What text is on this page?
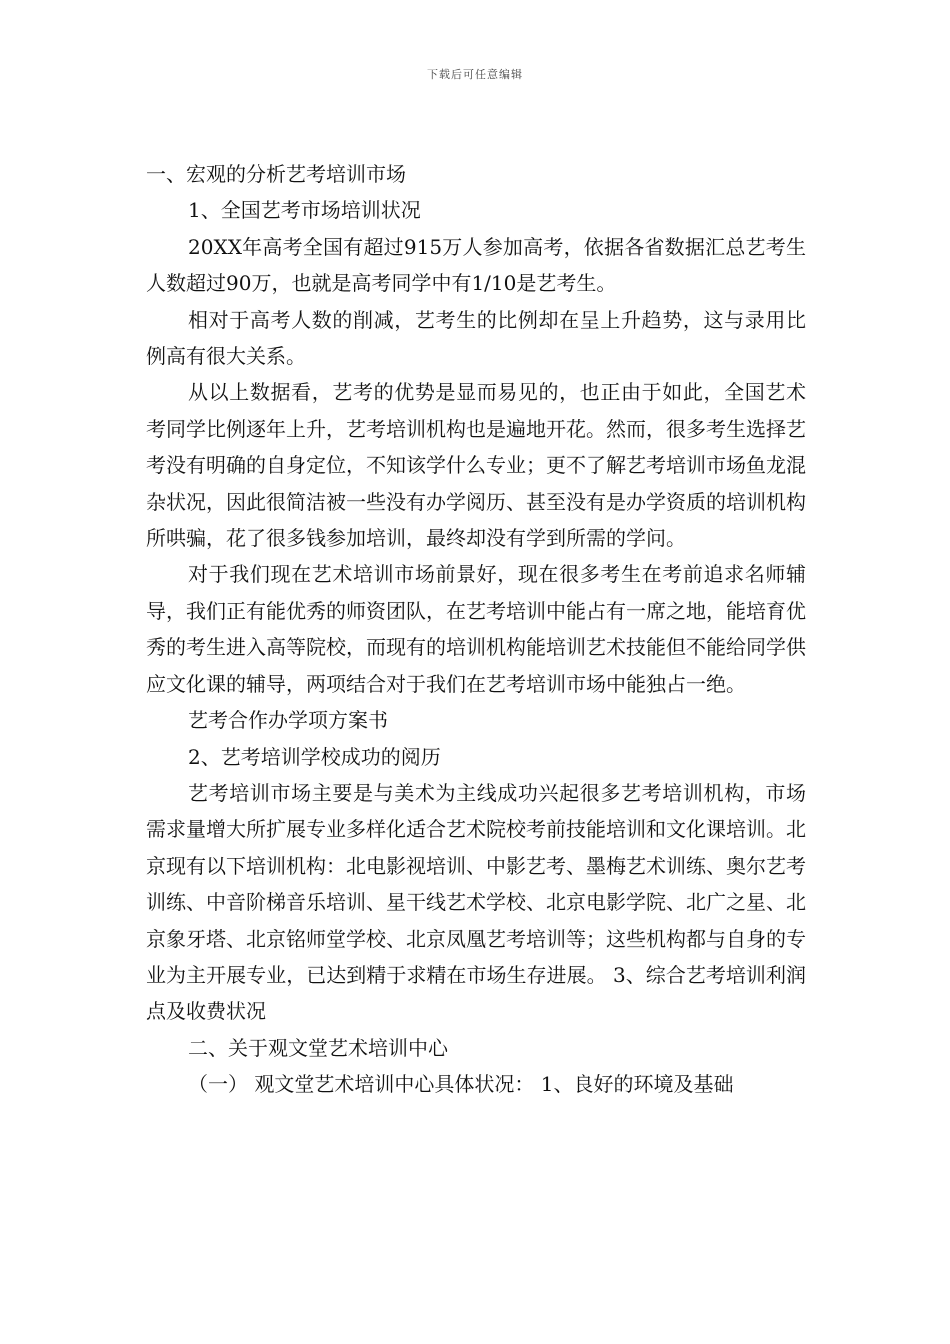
下载后可任意编辑

一、宏观的分析艺考培训市场

1、全国艺考市场培训状况

20XX年高考全国有超过915万人参加高考，依据各省数据汇总艺考生人数超过90万，也就是高考同学中有1/10是艺考生。

相对于高考人数的削减，艺考生的比例却在呈上升趋势，这与录用比例高有很大关系。

从以上数据看，艺考的优势是显而易见的，也正由于如此，全国艺术考同学比例逐年上升，艺考培训机构也是遍地开花。然而，很多考生选择艺考没有明确的自身定位，不知该学什么专业；更不了解艺考培训市场鱼龙混杂状况，因此很简洁被一些没有办学阅历、甚至没有是办学资质的培训机构所哄骗，花了很多钱参加培训，最终却没有学到所需的学问。

对于我们现在艺术培训市场前景好，现在很多考生在考前追求名师辅导，我们正有能优秀的师资团队，在艺考培训中能占有一席之地，能培育优秀的考生进入高等院校，而现有的培训机构能培训艺术技能但不能给同学供应文化课的辅导，两项结合对于我们在艺考培训市场中能独占一绝。

艺考合作办学项方案书

2、艺考培训学校成功的阅历

艺考培训市场主要是与美术为主线成功兴起很多艺考培训机构，市场需求量增大所扩展专业多样化适合艺术院校考前技能培训和文化课培训。北京现有以下培训机构：北电影视培训、中影艺考、墨梅艺术训练、奥尔艺考训练、中音阶梯音乐培训、星干线艺术学校、北京电影学院、北广之星、北京象牙塔、北京铭师堂学校、北京凤凰艺考培训等；这些机构都与自身的专业为主开展专业，已达到精于求精在市场生存进展。 3、综合艺考培训利润点及收费状况

二、关于观文堂艺术培训中心

（一） 观文堂艺术培训中心具体状况： 1、良好的环境及基础
